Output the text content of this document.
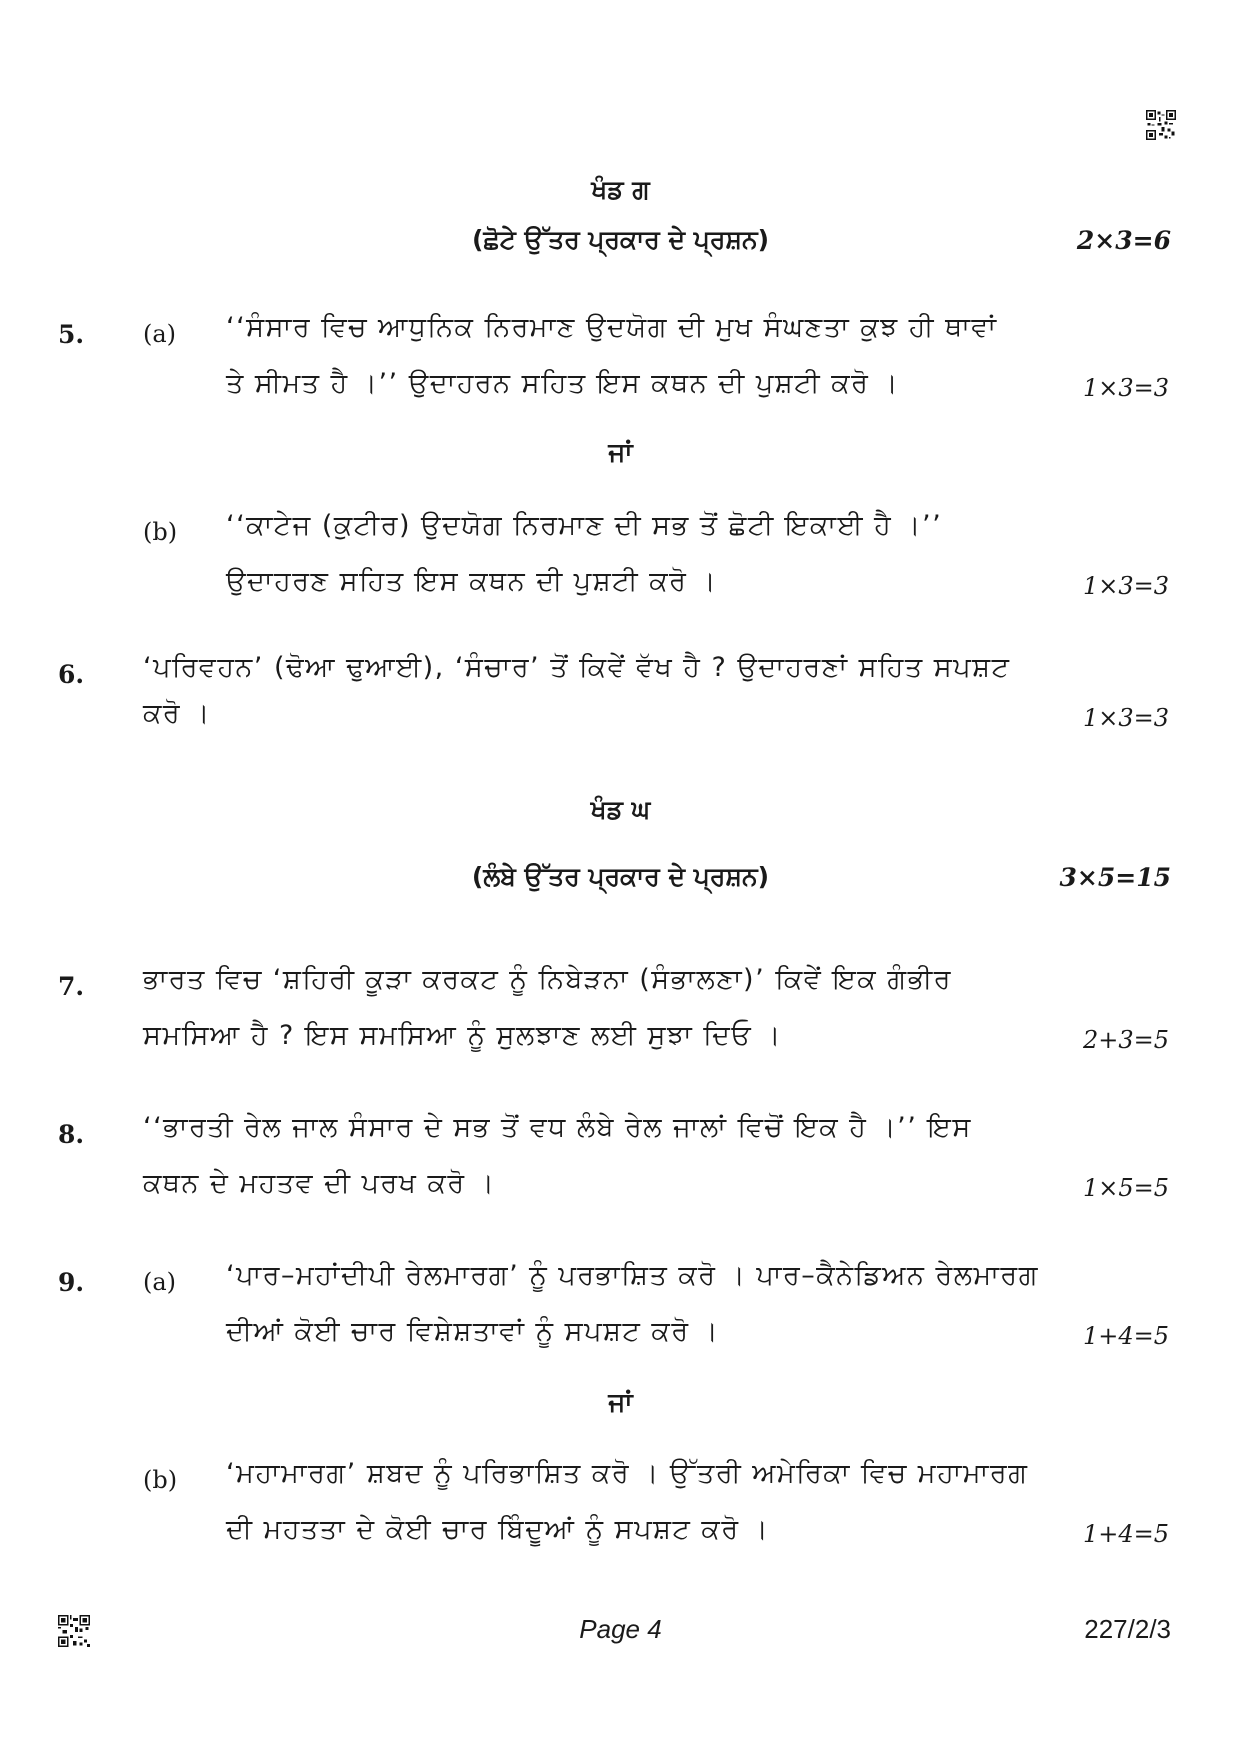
ਖੰਡ ਗ
(ਛੋਟੇ ਉੱਤਰ ਪ੍ਰਕਾਰ ਦੇ ਪ੍ਰਸ਼ਨ)	2×3=6
5. (a) ‘‘ਸੰਸਾਰ ਵਿਚ ਆਧੁਨਿਕ ਨਿਰਮਾਣ ਉਦਯੋਗ ਦੀ ਮੁਖ ਸੰਘਣਤਾ ਕੁਝ ਹੀ ਥਾਵਾਂ
ਤੇ ਸੀਮਤ ਹੈ ।’’ ਉਦਾਹਰਨ ਸਹਿਤ ਇਸ ਕਥਨ ਦੀ ਪੁਸ਼ਟੀ ਕਰੋ ।	1×3=3
ਜਾਂ
(b) ‘‘ਕਾਟੇਜ (ਕੁਟੀਰ) ਉਦਯੋਗ ਨਿਰਮਾਣ ਦੀ ਸਭ ਤੋਂ ਛੋਟੀ ਇਕਾਈ ਹੈ ।’’
ਉਦਾਹਰਣ ਸਹਿਤ ਇਸ ਕਥਨ ਦੀ ਪੁਸ਼ਟੀ ਕਰੋ ।	1×3=3
6. ‘ਪਰਿਵਹਨ’ (ਢੋਆ ਢੁਆਈ), ‘ਸੰਚਾਰ’ ਤੋਂ ਕਿਵੇਂ ਵੱਖ ਹੈ ? ਉਦਾਹਰਣਾਂ ਸਹਿਤ ਸਪਸ਼ਟ
ਕਰੋ ।	1×3=3
ਖੰਡ ਘ
(ਲੰਬੇ ਉੱਤਰ ਪ੍ਰਕਾਰ ਦੇ ਪ੍ਰਸ਼ਨ)	3×5=15
7. ਭਾਰਤ ਵਿਚ ‘ਸ਼ਹਿਰੀ ਕੂੜਾ ਕਰਕਟ ਨੂੰ ਨਿਬੇੜਨਾ (ਸੰਭਾਲਣਾ)’ ਕਿਵੇਂ ਇਕ ਗੰਭੀਰ
ਸਮਸਿਆ ਹੈ ? ਇਸ ਸਮਸਿਆ ਨੂੰ ਸੁਲਝਾਣ ਲਈ ਸੁਝਾ ਦਿਓ ।	2+3=5
8. ‘‘ਭਾਰਤੀ ਰੇਲ ਜਾਲ ਸੰਸਾਰ ਦੇ ਸਭ ਤੋਂ ਵਧ ਲੰਬੇ ਰੇਲ ਜਾਲਾਂ ਵਿਚੋਂ ਇਕ ਹੈ ।’’ ਇਸ
ਕਥਨ ਦੇ ਮਹਤਵ ਦੀ ਪਰਖ ਕਰੋ ।	1×5=5
9. (a) ‘ਪਾਰ–ਮਹਾਂਦੀਪੀ ਰੇਲਮਾਰਗ’ ਨੂੰ ਪਰਭਾਸ਼ਿਤ ਕਰੋ । ਪਾਰ–ਕੈਨੇਡਿਅਨ ਰੇਲਮਾਰਗ
ਦੀਆਂ ਕੋਈ ਚਾਰ ਵਿਸ਼ੇਸ਼ਤਾਵਾਂ ਨੂੰ ਸਪਸ਼ਟ ਕਰੋ ।	1+4=5
ਜਾਂ
(b) ‘ਮਹਾਮਾਰਗ’ ਸ਼ਬਦ ਨੂੰ ਪਰਿਭਾਸ਼ਿਤ ਕਰੋ । ਉੱਤਰੀ ਅਮੇਰਿਕਾ ਵਿਚ ਮਹਾਮਾਰਗ
ਦੀ ਮਹਤਤਾ ਦੇ ਕੋਈ ਚਾਰ ਬਿੰਦੂਆਂ ਨੂੰ ਸਪਸ਼ਟ ਕਰੋ ।	1+4=5
Page 4	227/2/3
